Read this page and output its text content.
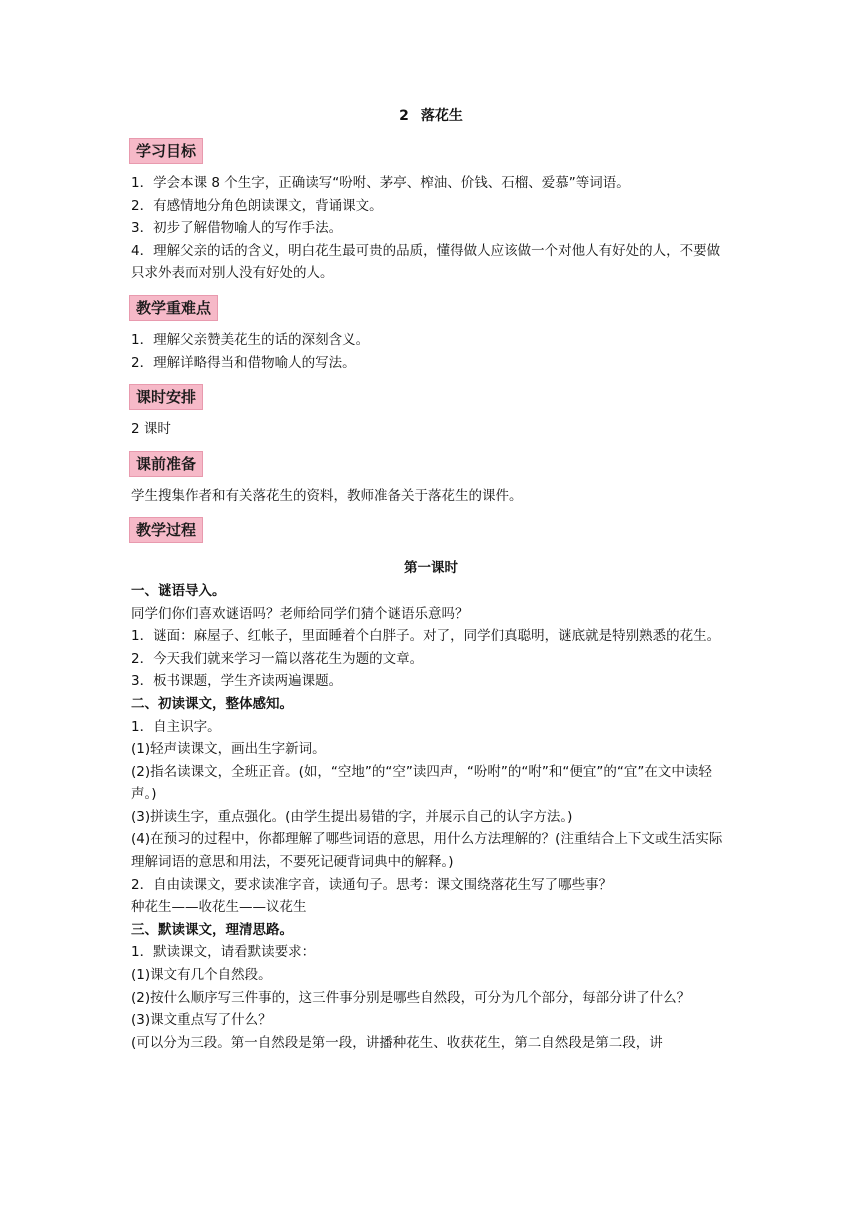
2 落花生
学习目标

1．学会本课 8 个生字，正确读写“吩咐、茅亭、榨油、价钱、石榴、爱慕”等词语。

2．有感情地分角色朗读课文，背诵课文。

3．初步了解借物喻人的写作手法。

4．理解父亲的话的含义，明白花生最可贵的品质，懂得做人应该做一个对他人有好处的人，不要做只求外表而对别人没有好处的人。

教学重难点

1．理解父亲赞美花生的话的深刻含义。

2．理解详略得当和借物喻人的写法。

课时安排

2 课时

课前准备

学生搜集作者和有关落花生的资料，教师准备关于落花生的课件。

教学过程
第一课时

一、谜语导入。

同学们你们喜欢谜语吗？老师给同学们猜个谜语乐意吗？

1．谜面：麻屋子、红帐子，里面睡着个白胖子。对了，同学们真聪明，谜底就是特别熟悉的花生。

2．今天我们就来学习一篇以落花生为题的文章。

3．板书课题，学生齐读两遍课题。

二、初读课文，整体感知。

1．自主识字。

(1)轻声读课文，画出生字新词。

(2)指名读课文，全班正音。(如，“空地”的“空”读四声，“吩咐”的“咐”和“便宜”的“宜”在文中读轻声。)

(3)拼读生字，重点强化。(由学生提出易错的字，并展示自己的认字方法。)

(4)在预习的过程中，你都理解了哪些词语的意思，用什么方法理解的？(注重结合上下文或生活实际理解词语的意思和用法，不要死记硬背词典中的解释。)

2．自由读课文，要求读准字音，读通句子。思考：课文围绕落花生写了哪些事？

种花生——收花生——议花生

三、默读课文，理清思路。

1．默读课文，请看默读要求：

(1)课文有几个自然段。

(2)按什么顺序写三件事的，这三件事分别是哪些自然段，可分为几个部分，每部分讲了什么？

(3)课文重点写了什么？

(可以分为三段。第一自然段是第一段，讲播种花生、收获花生，第二自然段是第二段，讲
